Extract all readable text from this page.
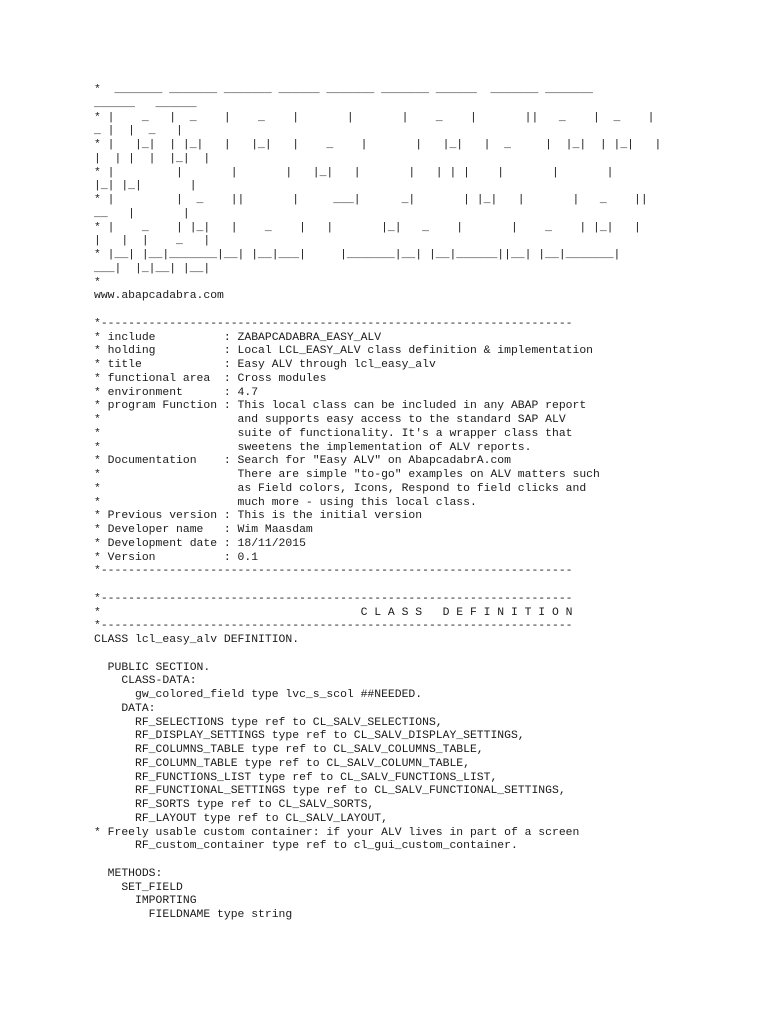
*  _______ _______ _______ ______ _______ _______ ______  _______ _______
______   ______
* |    _   |  _    |    _    |       |       |    _    |       ||   _    |  _    |
_ |  |  _   |
* |   |_|  | |_|   |   |_|   |    _    |       |   |_|   |  _     |  |_|  | |_|   |
|  | |  |  |_|  |
* |         |       |       |   |_|   |       |   | | |    |       |       |
|_| |_|       |
* |         |  _    ||       |     ___|      _|       | |_|   |       |   _    ||
__   |       |
* |    _    | |_|   |    _    |   |       |_|   _    |       |    _    | |_|   |
|   |  |    _   |
* |__| |__|_______|__| |__|___|     |_______|__| |__|______||__| |__|_______|
___|  |_|__| |__|
*
www.abapcadabra.com
*---------------------------------------------------------------------
* include          : ZABAPCADABRA_EASY_ALV
* holding          : Local LCL_EASY_ALV class definition & implementation
* title            : Easy ALV through lcl_easy_alv
* functional area  : Cross modules
* environment      : 4.7
* program Function : This local class can be included in any ABAP report
*                    and supports easy access to the standard SAP ALV
*                    suite of functionality. It's a wrapper class that
*                    sweetens the implementation of ALV reports.
* Documentation    : Search for "Easy ALV" on AbapcadabrA.com
*                    There are simple "to-go" examples on ALV matters such
*                    as Field colors, Icons, Respond to field clicks and
*                    much more - using this local class.
* Previous version : This is the initial version
* Developer name   : Wim Maasdam
* Development date : 18/11/2015
* Version          : 0.1
*---------------------------------------------------------------------
*---------------------------------------------------------------------
*                                      C L A S S   D E F I N I T I O N
*---------------------------------------------------------------------
CLASS lcl_easy_alv DEFINITION.
PUBLIC SECTION.
CLASS-DATA:
gw_colored_field type lvc_s_scol ##NEEDED.
DATA:
RF_SELECTIONS type ref to CL_SALV_SELECTIONS,
RF_DISPLAY_SETTINGS type ref to CL_SALV_DISPLAY_SETTINGS,
RF_COLUMNS_TABLE type ref to CL_SALV_COLUMNS_TABLE,
RF_COLUMN_TABLE type ref to CL_SALV_COLUMN_TABLE,
RF_FUNCTIONS_LIST type ref to CL_SALV_FUNCTIONS_LIST,
RF_FUNCTIONAL_SETTINGS type ref to CL_SALV_FUNCTIONAL_SETTINGS,
RF_SORTS type ref to CL_SALV_SORTS,
RF_LAYOUT type ref to CL_SALV_LAYOUT,
* Freely usable custom container: if your ALV lives in part of a screen
RF_custom_container type ref to cl_gui_custom_container.
METHODS:
SET_FIELD
IMPORTING
FIELDNAME type string
